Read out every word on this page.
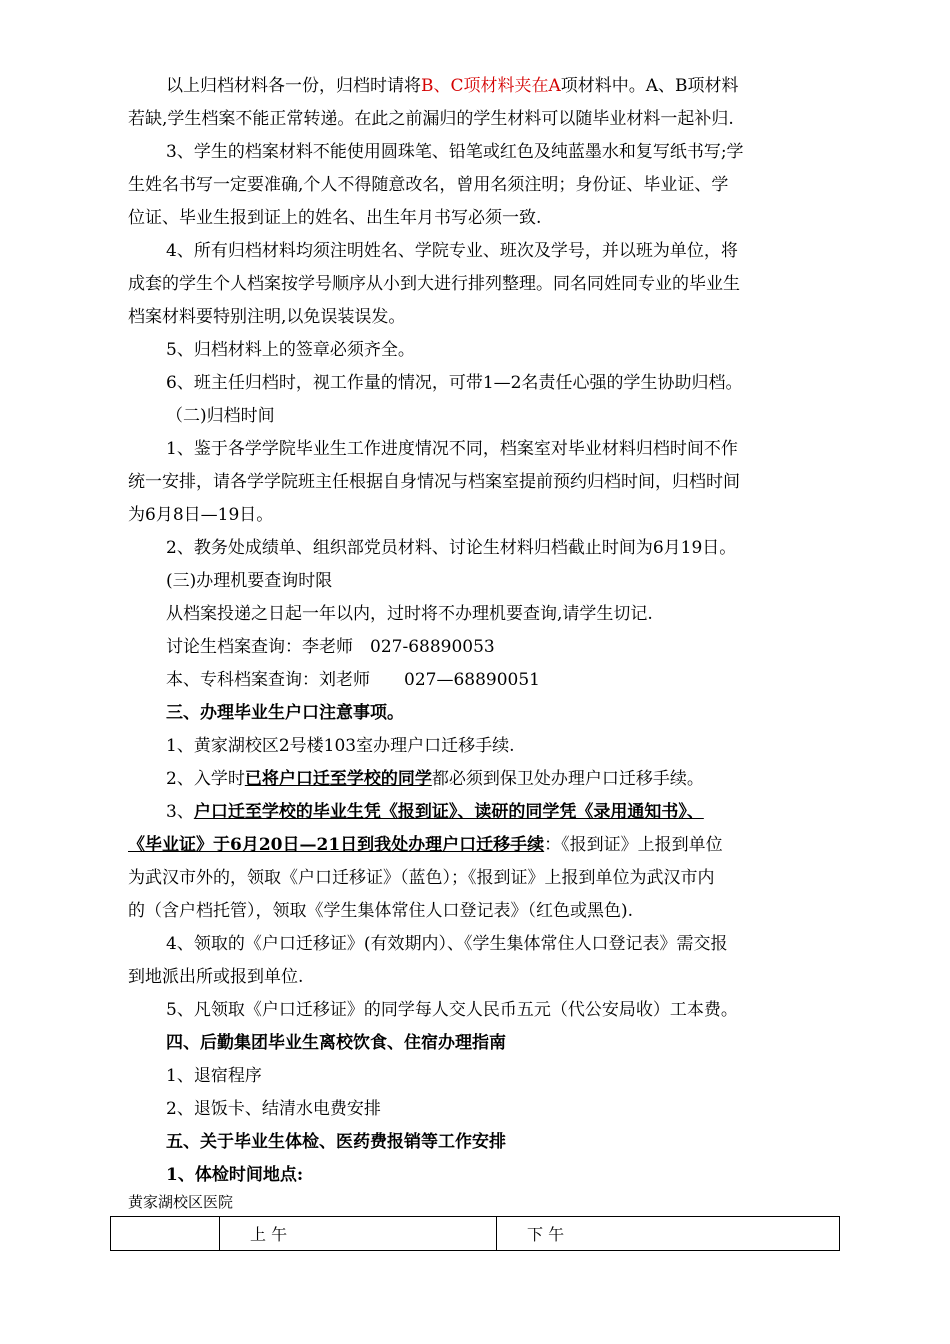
以上归档材料各一份，归档时请将B、C项材料夹在A项材料中。A、B项材料
若缺,学生档案不能正常转递。在此之前漏归的学生材料可以随毕业材料一起补归.
3、学生的档案材料不能使用圆珠笔、铅笔或红色及纯蓝墨水和复写纸书写;学
生姓名书写一定要准确,个人不得随意改名，曾用名须注明；身份证、毕业证、学
位证、毕业生报到证上的姓名、出生年月书写必须一致.
4、所有归档材料均须注明姓名、学院专业、班次及学号，并以班为单位，将
成套的学生个人档案按学号顺序从小到大进行排列整理。同名同姓同专业的毕业生
档案材料要特别注明,以免误装误发。
5、归档材料上的签章必须齐全。
6、班主任归档时，视工作量的情况，可带1—2名责任心强的学生协助归档。
（二)归档时间
1、鉴于各学学院毕业生工作进度情况不同，档案室对毕业材料归档时间不作
统一安排，请各学学院班主任根据自身情况与档案室提前预约归档时间，归档时间
为6月8日—19日。
2、教务处成绩单、组织部党员材料、讨论生材料归档截止时间为6月19日。
(三)办理机要查询时限
从档案投递之日起一年以内，过时将不办理机要查询,请学生切记.
讨论生档案查询：李老师　027-68890053
本、专科档案查询：刘老师　　027—68890051
三、办理毕业生户口注意事项。
1、黄家湖校区2号楼103室办理户口迁移手续.
2、入学时已将户口迁至学校的同学都必须到保卫处办理户口迁移手续。
3、户口迁至学校的毕业生凭《报到证》、读研的同学凭《录用通知书》、
《毕业证》于6月20日—21日到我处办理户口迁移手续：《报到证》上报到单位
为武汉市外的，领取《户口迁移证》（蓝色）；《报到证》上报到单位为武汉市内
的（含户档托管），领取《学生集体常住人口登记表》（红色或黑色).
4、领取的《户口迁移证》(有效期内）、《学生集体常住人口登记表》需交报
到地派出所或报到单位.
5、凡领取《户口迁移证》的同学每人交人民币五元（代公安局收）工本费。
四、后勤集团毕业生离校饮食、住宿办理指南
1、退宿程序
2、退饭卡、结清水电费安排
五、关于毕业生体检、医药费报销等工作安排
1、体检时间地点:
黄家湖校区医院
	上 午	下 午
